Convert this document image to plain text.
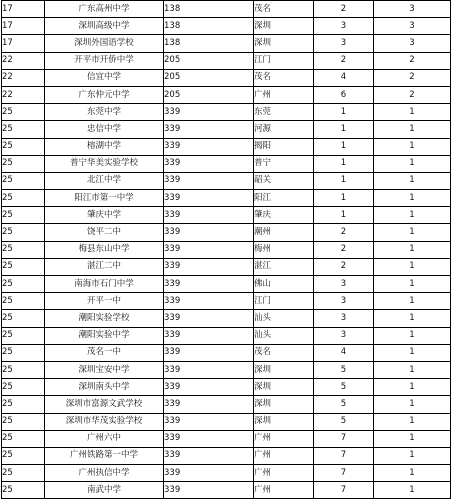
17	广东高州中学	138	茂名	2	3
17	深圳高级中学	138	深圳	3	3
17	深圳外国语学校	138	深圳	3	3
22	开平市开侨中学	205	江门	2	2
22	信宜中学	205	茂名	4	2
22	广东仲元中学	205	广州	6	2
25	东莞中学	339	东莞	1	1
25	忠信中学	339	河源	1	1
25	榕湖中学	339	揭阳	1	1
25	普宁华美实验学校	339	普宁	1	1
25	北江中学	339	韶关	1	1
25	阳江市第一中学	339	阳江	1	1
25	肇庆中学	339	肇庆	1	1
25	饶平二中	339	潮州	2	1
25	梅县东山中学	339	梅州	2	1
25	湛江二中	339	湛江	2	1
25	南海市石门中学	339	佛山	3	1
25	开平一中	339	江门	3	1
25	潮阳实验学校	339	汕头	3	1
25	潮阳实验中学	339	汕头	3	1
25	茂名一中	339	茂名	4	1
25	深圳宝安中学	339	深圳	5	1
25	深圳南头中学	339	深圳	5	1
25	深圳市富源文武学校	339	深圳	5	1
25	深圳市华茂实验学校	339	深圳	5	1
25	广州六中	339	广州	7	1
25	广州铁路第一中学	339	广州	7	1
25	广州执信中学	339	广州	7	1
25	南武中学	339	广州	7	1
